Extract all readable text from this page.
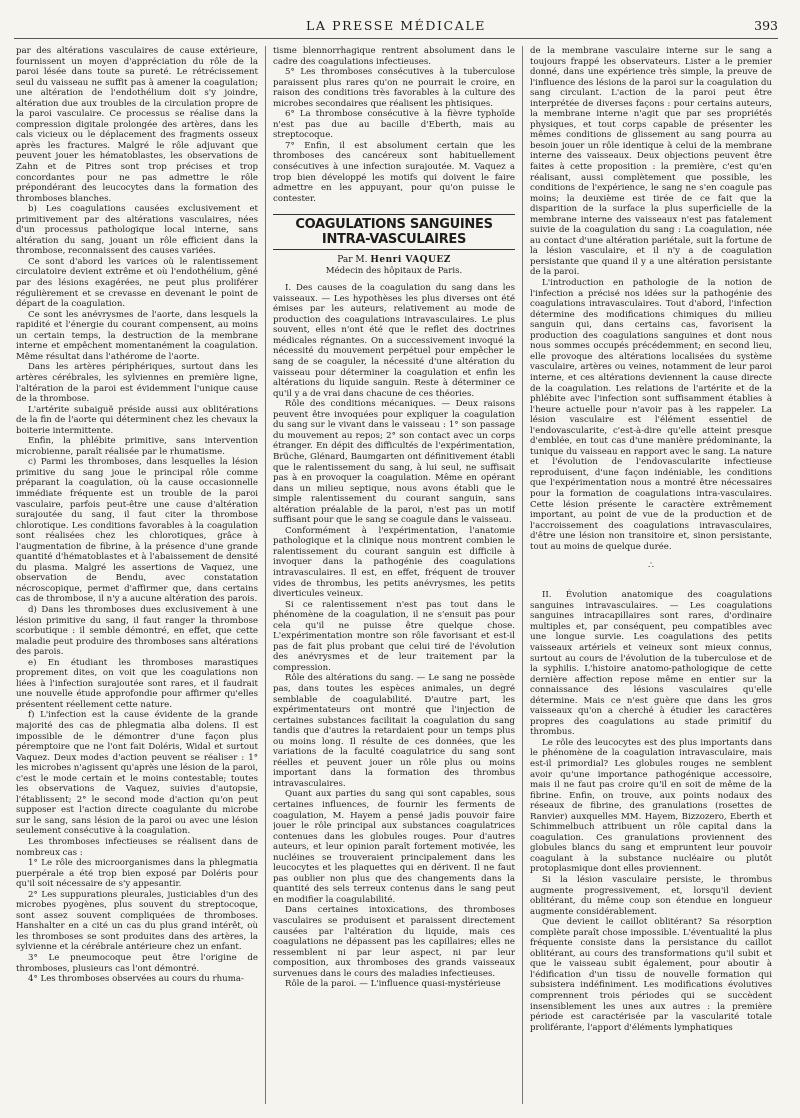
LA PRESSE MÉDICALE	393

par des altérations vasculaires de cause extérieure, fournissent un moyen d'appréciation du rôle de la paroi lésée dans toute sa pureté. Le rétrécissement seul du vaisseau ne suffit pas à amener la coagulation; une altération de l'endothélium doit s'y joindre, altération due aux troubles de la circulation propre de la paroi vasculaire. Ce processus se réalise dans la compression digitale prolongée des artères, dans les cals vicieux ou le déplacement des fragments osseux après les fractures. Malgré le rôle adjuvant que peuvent jouer les hématoblastes, les observations de Zahn et de Pitres sont trop précises et trop concordantes pour ne pas admettre le rôle prépondérant des leucocytes dans la formation des thromboses blanches.

b) Les coagulations causées exclusivement et primitivement par des altérations vasculaires, nées d'un processus pathologique local interne, sans altération du sang, jouant un rôle efficient dans la thrombose, reconnaissent des causes variées.

Ce sont d'abord les varices où le ralentissement circulatoire devient extrême et où l'endothélium, gêné par des lésions exagérées, ne peut plus proliférer régulièrement et se crevasse en devenant le point de départ de la coagulation.

Ce sont les anévrysmes de l'aorte, dans lesquels la rapidité et l'énergie du courant compensent, au moins un certain temps, la destruction de la membrane interne et empêchent momentanément la coagulation. Même résultat dans l'athérome de l'aorte.

Dans les artères périphériques, surtout dans les artères cérébrales, les sylviennes en première ligne, l'altération de la paroi est évidemment l'unique cause de la thrombose.

L'artérite subaiguë préside aussi aux oblitérations de la fin de l'aorte qui déterminent chez les chevaux la boiterie intermittente.

Enfin, la phlébite primitive, sans intervention microbienne, paraît réalisée par le rhumatisme.

c) Parmi les thromboses, dans lesquelles la lésion primitive du sang joue le principal rôle comme préparant la coagulation, où la cause occasionnelle immédiate fréquente est un trouble de la paroi vasculaire, parfois peut-être une cause d'altération surajoutée du sang, il faut citer la thrombose chlorotique. Les conditions favorables à la coagulation sont réalisées chez les chlorotiques, grâce à l'augmentation de fibrine, à la présence d'une grande quantité d'hématoblastes et à l'abaissement de densité du plasma. Malgré les assertions de Vaquez, une observation de Bendu, avec constatation nécroscopique, permet d'affirmer que, dans certains cas de thrombose, il n'y a aucune altération des parois.

d) Dans les thromboses dues exclusivement à une lésion primitive du sang, il faut ranger la thrombose scorbutique : il semble démontré, en effet, que cette maladie peut produire des thromboses sans altérations des parois.

e) En étudiant les thromboses marastiques proprement dites, on voit que les coagulations non liées à l'infection surajoutée sont rares, et il faudrait une nouvelle étude approfondie pour affirmer qu'elles présentent réellement cette nature.

f) L'infection est la cause évidente de la grande majorité des cas de phlegmatia alba dolens. Il est impossible de le démontrer d'une façon plus péremptoire que ne l'ont fait Doléris, Widal et surtout Vaquez. Deux modes d'action peuvent se réaliser : 1° les microbes n'agissent qu'après une lésion de la paroi, c'est le mode certain et le moins contestable; toutes les observations de Vaquez, suivies d'autopsie, l'établissent; 2° le second mode d'action qu'on peut supposer est l'action directe coagulante du microbe sur le sang, sans lésion de la paroi ou avec une lésion seulement consécutive à la coagulation.

Les thromboses infectieuses se réalisent dans de nombreux cas :

1° Le rôle des microorganismes dans la phlegmatia puerpérale a été trop bien exposé par Doléris pour qu'il soit nécessaire de s'y appesantir.

2° Les suppurations pleurales, justiciables d'un des microbes pyogènes, plus souvent du streptocoque, sont assez souvent compliquées de thromboses. Hanshalter en a cité un cas du plus grand intérêt, où les thromboses se sont produites dans des artères, la sylvienne et la cérébrale antérieure chez un enfant.

3° Le pneumocoque peut être l'origine de thromboses, plusieurs cas l'ont démontré.

4° Les thromboses observées au cours du rhuma-

tisme blennorrhagique rentrent absolument dans le cadre des coagulations infectieuses.

5° Les thromboses consécutives à la tuberculose paraissent plus rares qu'on ne pourrait le croire, en raison des conditions très favorables à la culture des microbes secondaires que réalisent les phtisiques.

6° La thrombose consécutive à la fièvre typhoïde n'est pas due au bacille d'Eberth, mais au streptocoque.

7° Enfin, il est absolument certain que les thromboses des cancéreux sont habituellement consécutives à une infection surajoutée. M. Vaquez a trop bien développé les motifs qui doivent le faire admettre en les appuyant, pour qu'on puisse le contester.

COAGULATIONS SANGUINES INTRA-VASCULAIRES
Par M. Henri VAQUEZ
Médecin des hôpitaux de Paris.

I. Des causes de la coagulation du sang dans les vaisseaux. — Les hypothèses les plus diverses ont été émises par les auteurs, relativement au mode de production des coagulations intravasculaires. Le plus souvent, elles n'ont été que le reflet des doctrines médicales régnantes. On a successivement invoqué la nécessité du mouvement perpétuel pour empêcher le sang de se coaguler, la nécessité d'une altération du vaisseau pour déterminer la coagulation et enfin les altérations du liquide sanguin. Reste à déterminer ce qu'il y a de vrai dans chacune de ces théories.

Rôle des conditions mécaniques. — Deux raisons peuvent être invoquées pour expliquer la coagulation du sang sur le vivant dans le vaisseau : 1° son passage du mouvement au repos; 2° son contact avec un corps étranger. En dépit des difficultés de l'expérimentation, Brüche, Glénard, Baumgarten ont définitivement établi que le ralentissement du sang, à lui seul, ne suffisait pas à en provoquer la coagulation. Même en opérant dans un milieu septique, nous avons établi que le simple ralentissement du courant sanguin, sans altération préalable de la paroi, n'est pas un motif suffisant pour que le sang se coagule dans le vaisseau.

Conformément à l'expérimentation, l'anatomie pathologique et la clinique nous montrent combien le ralentissement du courant sanguin est difficile à invoquer dans la pathogénie des coagulations intravasculaires. Il est, en effet, fréquent de trouver vides de thrombus, les petits anévrysmes, les petits diverticules veineux.

Si ce ralentissement n'est pas tout dans le phénomène de la coagulation, il ne s'ensuit pas pour cela qu'il ne puisse être quelque chose. L'expérimentation montre son rôle favorisant et est-il pas de fait plus probant que celui tiré de l'évolution des anévrysmes et de leur traitement par la compression.

Rôle des altérations du sang. — Le sang ne possède pas, dans toutes les espèces animales, un degré semblable de coagulabilité. D'autre part, les expérimentateurs ont montré que l'injection de certaines substances facilitait la coagulation du sang tandis que d'autres la retardaient pour un temps plus ou moins long. Il résulte de ces données, que les variations de la faculté coagulatrice du sang sont réelles et peuvent jouer un rôle plus ou moins important dans la formation des thrombus intravasculaires.

Quant aux parties du sang qui sont capables, sous certaines influences, de fournir les ferments de coagulation, M. Hayem a pensé jadis pouvoir faire jouer le rôle principal aux substances coagulatrices contenues dans les globules rouges. Pour d'autres auteurs, et leur opinion paraît fortement motivée, les nucléines se trouveraient principalement dans les leucocytes et les plaquettes qui en dérivent. Il ne faut pas oublier non plus que des changements dans la quantité des sels terreux contenus dans le sang peut en modifier la coagulabilité.

Dans certaines intoxications, des thromboses vasculaires se produisent et paraissent directement causées par l'altération du liquide, mais ces coagulations ne dépassent pas les capillaires; elles ne ressemblent ni par leur aspect, ni par leur composition, aux thromboses des grands vaisseaux survenues dans le cours des maladies infectieuses.

Rôle de la paroi. — L'influence quasi-mystérieuse

de la membrane vasculaire interne sur le sang a toujours frappé les observateurs. Lister a le premier donné, dans une expérience très simple, la preuve de l'influence des lésions de la paroi sur la coagulation du sang circulant. L'action de la paroi peut être interprétée de diverses façons : pour certains auteurs, la membrane interne n'agit que par ses propriétés physiques, et tout corps capable de présenter les mêmes conditions de glissement au sang pourra au besoin jouer un rôle identique à celui de la membrane interne des vaisseaux. Deux objections peuvent être faites à cette proposition : la première, c'est qu'en réalisant, aussi complètement que possible, les conditions de l'expérience, le sang ne s'en coagule pas moins; la deuxième est tirée de ce fait que la disparition de la surface la plus superficielle de la membrane interne des vaisseaux n'est pas fatalement suivie de la coagulation du sang : La coagulation, née au contact d'une altération pariétale, suit la fortune de la lésion vasculaire, et il n'y a de coagulation persistante que quand il y a une altération persistante de la paroi.

L'introduction en pathologie de la notion de l'infection a précisé nos idées sur la pathogénie des coagulations intravasculaires. Tout d'abord, l'infection détermine des modifications chimiques du milieu sanguin qui, dans certains cas, favorisent la production des coagulations sanguines et dont nous nous sommes occupés précédemment; en second lieu, elle provoque des altérations localisées du système vasculaire, artères ou veines, notamment de leur paroi interne, et ces altérations deviennent la cause directe de la coagulation. Les relations de l'artérite et de la phlébite avec l'infection sont suffisamment établies à l'heure actuelle pour n'avoir pas à les rappeler. La lésion vasculaire est l'élément essentiel de l'endovascularite, c'est-à-dire qu'elle atteint presque d'emblée, en tout cas d'une manière prédominante, la tunique du vaisseau en rapport avec le sang. La nature et l'évolution de l'endovascularite infectieuse reproduisent, d'une façon indéniable, les conditions que l'expérimentation nous a montré être nécessaires pour la formation de coagulations intra-vasculaires. Cette lésion présente le caractère extrêmement important, au point de vue de la production et de l'accroissement des coagulations intravasculaires, d'être une lésion non transitoire et, sinon persistante, tout au moins de quelque durée.

∴

II. Évolution anatomique des coagulations sanguines intravasculaires. — Les coagulations sanguines intracapillaires sont rares, d'ordinaire multiples et, par conséquent, peu compatibles avec une longue survie. Les coagulations des petits vaisseaux artériels et veineux sont mieux connus, surtout au cours de l'évolution de la tuberculose et de la syphilis. L'histoire anatomo-pathologique de cette dernière affection repose même en entier sur la connaissance des lésions vasculaires qu'elle détermine. Mais ce n'est guère que dans les gros vaisseaux qu'on a cherché à étudier les caractères propres des coagulations au stade primitif du thrombus.

Le rôle des leucocytes est des plus importants dans le phénomène de la coagulation intravasculaire, mais est-il primordial? Les globules rouges ne semblent avoir qu'une importance pathogénique accessoire, mais il ne faut pas croire qu'il en soit de même de la fibrine. Enfin, on trouve, aux points nodaux des réseaux de fibrine, des granulations (rosettes de Ranvier) auxquelles MM. Hayem, Bizzozero, Eberth et Schimmelbuch attribuent un rôle capital dans la coagulation. Ces granulations proviennent des globules blancs du sang et empruntent leur pouvoir coagulant à la substance nucléaire ou plutôt protoplasmique dont elles proviennent.

Si la lésion vasculaire persiste, le thrombus augmente progressivement, et, lorsqu'il devient oblitérant, du même coup son étendue en longueur augmente considérablement.

Que devient le caillot oblitérant? Sa résorption complète paraît chose impossible. L'éventualité la plus fréquente consiste dans la persistance du caillot oblitérant, au cours des transformations qu'il subit et que le vaisseau subit également, pour aboutir à l'édification d'un tissu de nouvelle formation qui subsistera indéfiniment. Les modifications évolutives comprennent trois périodes qui se succèdent insensiblement les unes aux autres : la première période est caractérisée par la vascularité totale proliférante, l'apport d'éléments lymphatiques
